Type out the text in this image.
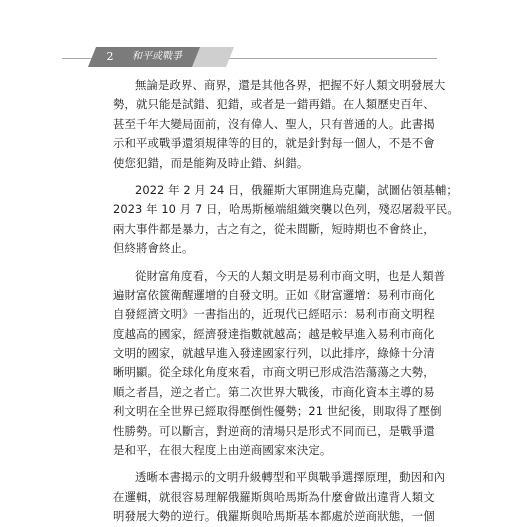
2	和平或戰爭
無論是政界、商界，還是其他各界，把握不好人類文明發展大
勢，就只能是試錯、犯錯，或者是一錯再錯。在人類歷史百年、
甚至千年大變局面前，沒有偉人、聖人，只有普通的人。此書揭
示和平或戰爭還須規律等的目的，就是針對每一個人，不是不會
使您犯錯，而是能夠及時止錯、糾錯。
2022 年 2 月 24 日，俄羅斯大軍開進烏克蘭，試圖佔領基輔；
2023 年 10 月 7 日，哈馬斯極端組織突襲以色列，殘忍屠殺平民。
兩大事件都是暴力，古之有之，從未間斷，短時期也不會終止，
但終將會終止。
從財富角度看，今天的人類文明是易利市商文明，也是人類普
遍財富依篋衛醒邏增的自發文明。正如《財富邏增：易利市商化
自發經濟文明》一書指出的，近現代已經昭示：易利市商文明程
度越高的國家，經濟發達指數就越高；越是較早進入易利市商化
文明的國家，就越早進入發達國家行列，以此排序，綠條十分清
晰明顯。從全球化角度來看，市商文明已形成浩浩蕩蕩之大勢，
順之者昌，逆之者亡。第二次世界大戰後，市商化資本主導的易
利文明在全世界已經取得壓倒性優勢；21 世紀後，則取得了壓倒
性勝勢。可以斷言，對逆商的清場只是形式不同而已，是戰爭還
是和平，在很大程度上由逆商國家來決定。
透晰本書揭示的文明升級轉型和平與戰爭選擇原理，動因和內
在邏輯，就很容易理解俄羅斯與哈馬斯為什麼會做出違背人類文
明發展大勢的逆行。俄羅斯與哈馬斯基本都處於逆商狀態，一個
